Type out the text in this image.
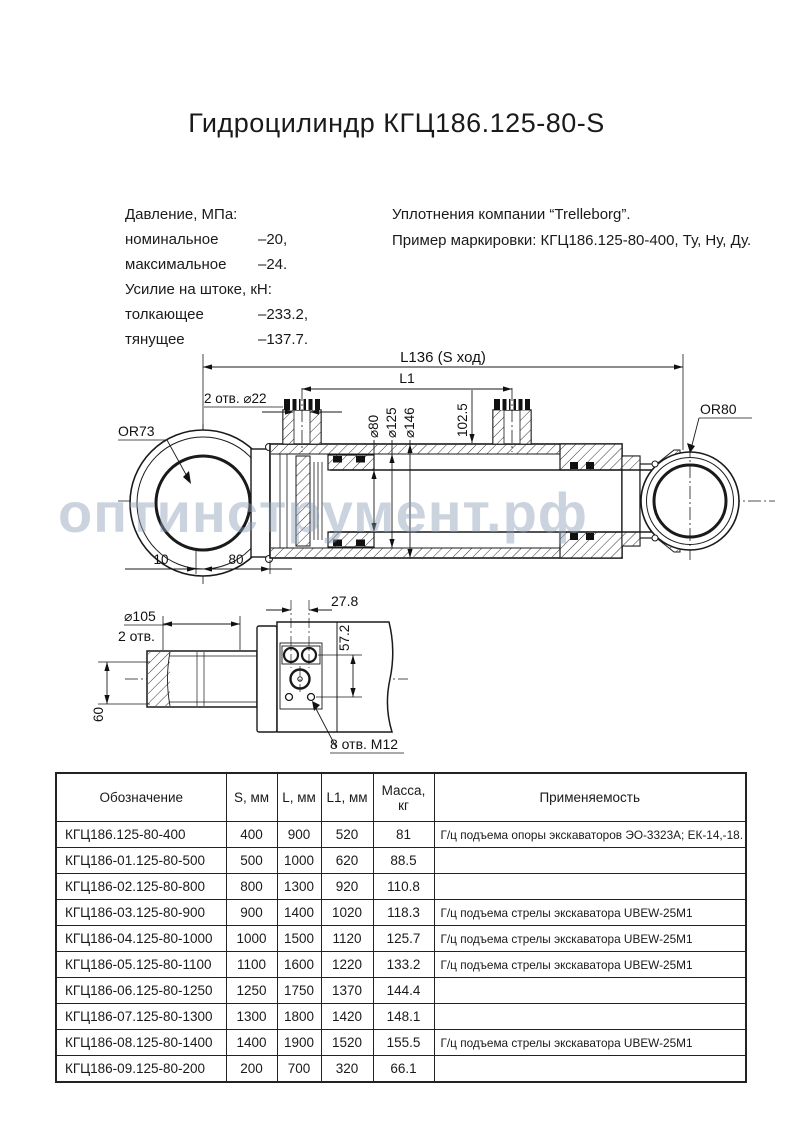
Гидроцилиндр КГЦ186.125-80-S
Давление, МПа:
номинальное	–20,
максимальное –24.
Усилие на штоке, кН:
толкающее	–233.2,
тянущее	–137.7.
Уплотнения компании “Trelleborg”.
Пример маркировки: КГЦ186.125-80-400, Ту, Ну, Ду.
L136 (S ход)
L1
2 отв. ⌀22
⌀80 ⌀125 ⌀146	102.5
OR73
OR80
10	80
⌀105
2 отв.
27.8
57.2
60
8 отв. М12
оптинструмент.рф
Обозначение	S, мм	L, мм	L1, мм	Масса, кг	Применяемость
КГЦ186.125-80-400	400	900	520	81	Г/ц подъема опоры экскаваторов ЭО-3323А; ЕК-14,-18.
КГЦ186-01.125-80-500	500	1000	620	88.5	
КГЦ186-02.125-80-800	800	1300	920	110.8	
КГЦ186-03.125-80-900	900	1400	1020	118.3	Г/ц подъема стрелы экскаватора UBEW-25М1
КГЦ186-04.125-80-1000	1000	1500	1120	125.7	Г/ц подъема стрелы экскаватора UBEW-25М1
КГЦ186-05.125-80-1100	1100	1600	1220	133.2	Г/ц подъема стрелы экскаватора UBEW-25М1
КГЦ186-06.125-80-1250	1250	1750	1370	144.4	
КГЦ186-07.125-80-1300	1300	1800	1420	148.1	
КГЦ186-08.125-80-1400	1400	1900	1520	155.5	Г/ц подъема стрелы экскаватора UBEW-25М1
КГЦ186-09.125-80-200	200	700	320	66.1	
